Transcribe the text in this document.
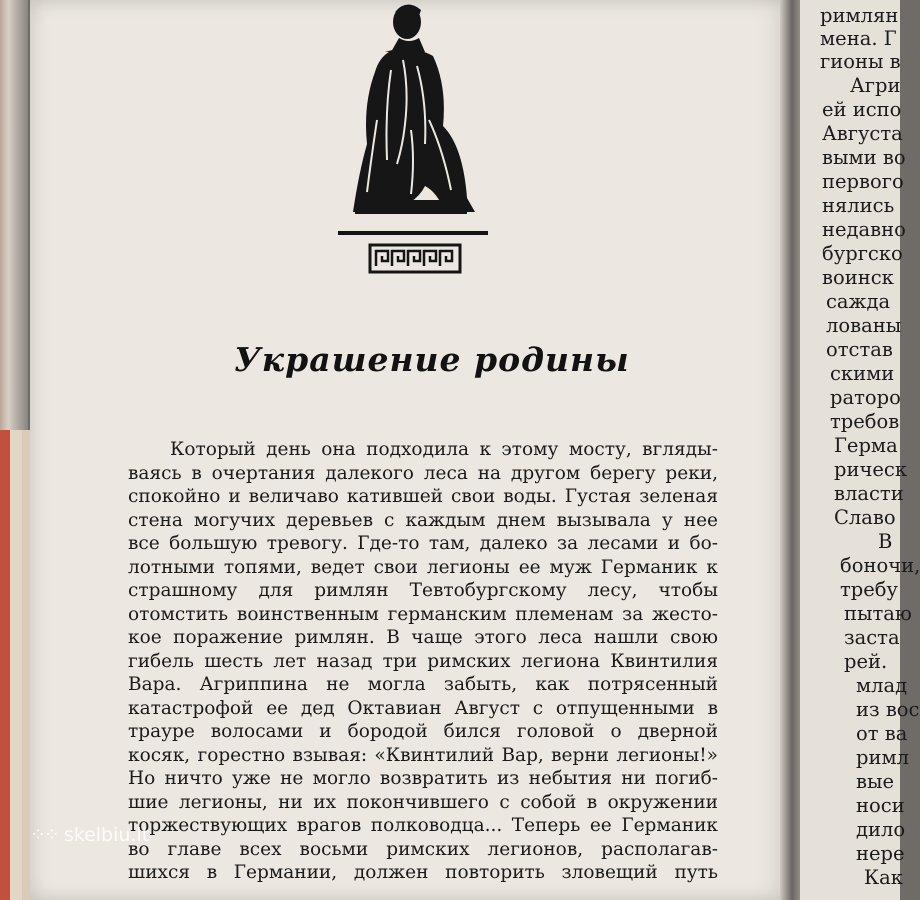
Украшение родины
Который день она подходила к этому мосту, вгляды-
ваясь в очертания далекого леса на другом берегу реки,
спокойно и величаво катившей свои воды. Густая зеленая
стена могучих деревьев с каждым днем вызывала у нее
все большую тревогу. Где-то там, далеко за лесами и бо-
лотными топями, ведет свои легионы ее муж Германик к
страшному для римлян Тевтобургскому лесу, чтобы
отомстить воинственным германским племенам за жесто-
кое поражение римлян. В чаще этого леса нашли свою
гибель шесть лет назад три римских легиона Квинтилия
Вара. Агриппина не могла забыть, как потрясенный
катастрофой ее дед Октавиан Август с отпущенными в
трауре волосами и бородой бился головой о дверной
косяк, горестно взывая: «Квинтилий Вар, верни легионы!»
Но ничто уже не могло возвратить из небытия ни погиб-
шие легионы, ни их покончившего с собой в окружении
торжествующих врагов полководца... Теперь ее Германик
во главе всех восьми римских легионов, располагав-
шихся в Германии, должен повторить зловещий путь
римлян
мена. Г
гионы в
Агри
ей испо
Августа
выми во
первого
нялись
недавно
бургско
воинск
сажда
лованы
отстав
скими
раторо
требов
Герма
рическ
власти
Славо
В
боночи,
требу
пытаю
заста
рей.
млад
из вос
от ва
римл
вые
носи
дило
нере
Как
⁘⁘ skelbiu.lt
